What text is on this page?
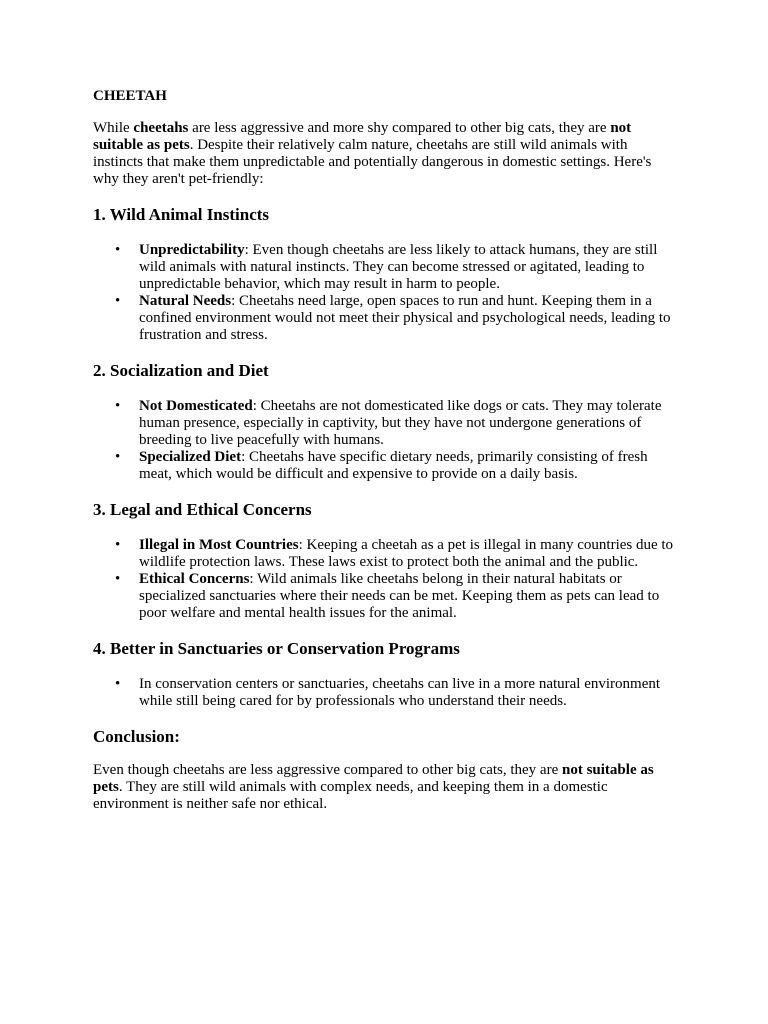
CHEETAH

While cheetahs are less aggressive and more shy compared to other big cats, they are not suitable as pets. Despite their relatively calm nature, cheetahs are still wild animals with instincts that make them unpredictable and potentially dangerous in domestic settings. Here's why they aren't pet-friendly:

1. Wild Animal Instincts
• Unpredictability: Even though cheetahs are less likely to attack humans, they are still wild animals with natural instincts. They can become stressed or agitated, leading to unpredictable behavior, which may result in harm to people.
• Natural Needs: Cheetahs need large, open spaces to run and hunt. Keeping them in a confined environment would not meet their physical and psychological needs, leading to frustration and stress.
2. Socialization and Diet
• Not Domesticated: Cheetahs are not domesticated like dogs or cats. They may tolerate human presence, especially in captivity, but they have not undergone generations of breeding to live peacefully with humans.
• Specialized Diet: Cheetahs have specific dietary needs, primarily consisting of fresh meat, which would be difficult and expensive to provide on a daily basis.
3. Legal and Ethical Concerns
• Illegal in Most Countries: Keeping a cheetah as a pet is illegal in many countries due to wildlife protection laws. These laws exist to protect both the animal and the public.
• Ethical Concerns: Wild animals like cheetahs belong in their natural habitats or specialized sanctuaries where their needs can be met. Keeping them as pets can lead to poor welfare and mental health issues for the animal.
4. Better in Sanctuaries or Conservation Programs
• In conservation centers or sanctuaries, cheetahs can live in a more natural environment while still being cared for by professionals who understand their needs.
Conclusion:

Even though cheetahs are less aggressive compared to other big cats, they are not suitable as pets. They are still wild animals with complex needs, and keeping them in a domestic environment is neither safe nor ethical.
